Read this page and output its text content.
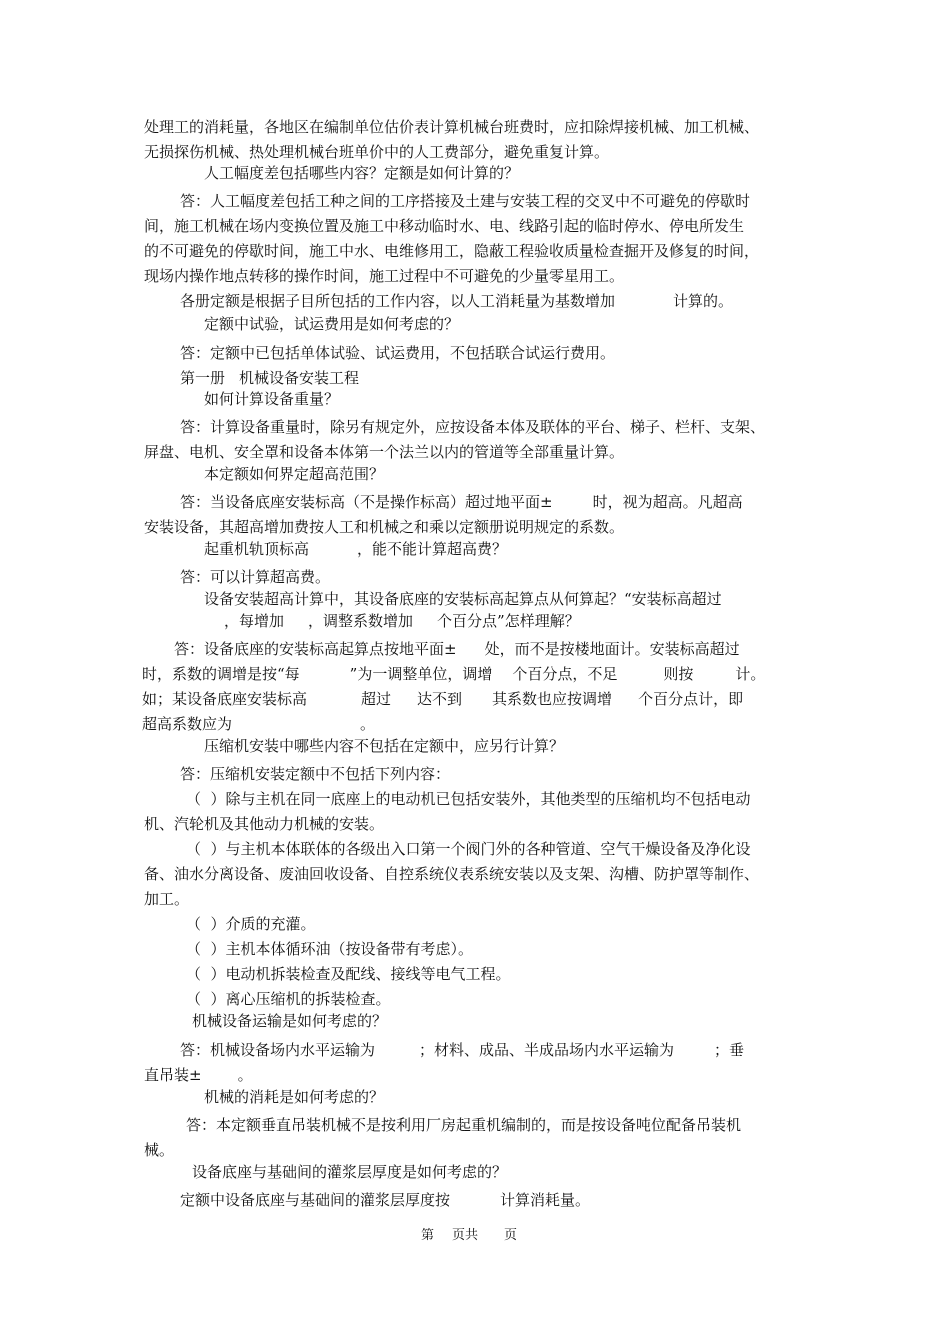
处理工的消耗量，各地区在编制单位估价表计算机械台班费时，应扣除焊接机械、加工机械、
无损探伤机械、热处理机械台班单价中的人工费部分，避免重复计算。
人工幅度差包括哪些内容？定额是如何计算的？
答：人工幅度差包括工种之间的工序搭接及土建与安装工程的交叉中不可避免的停歇时
间，施工机械在场内变换位置及施工中移动临时水、电、线路引起的临时停水、停电所发生
的不可避免的停歇时间，施工中水、电维修用工，隐蔽工程验收质量检查掘开及修复的时间，
现场内操作地点转移的操作时间，施工过程中不可避免的少量零星用工。
各册定额是根据子目所包括的工作内容，以人工消耗量为基数增加	计算的。
定额中试验，试运费用是如何考虑的？
答：定额中已包括单体试验、试运费用，不包括联合试运行费用。
第一册 机械设备安装工程
如何计算设备重量？
答：计算设备重量时，除另有规定外，应按设备本体及联体的平台、梯子、栏杆、支架、
屏盘、电机、安全罩和设备本体第一个法兰以内的管道等全部重量计算。
本定额如何界定超高范围？
答：当设备底座安装标高（不是操作标高）超过地平面±	时，视为超高。凡超高
安装设备，其超高增加费按人工和机械之和乘以定额册说明规定的系数。
起重机轨顶标高	，能不能计算超高费？
答：可以计算超高费。
设备安装超高计算中，其设备底座的安装标高起算点从何算起？“安装标高超过
，每增加 ，调整系数增加 个百分点”怎样理解？
答：设备底座的安装标高起算点按地平面± 处，而不是按楼地面计。安装标高超过
时，系数的调增是按“每	”为一调整单位，调增 个百分点，不足	则按	计。
如；某设备底座安装标高	超过 达不到 其系数也应按调增 个百分点计，即
超高系数应为	。
压缩机安装中哪些内容不包括在定额中，应另行计算？
答：压缩机安装定额中不包括下列内容：
（  ）除与主机在同一底座上的电动机已包括安装外，其他类型的压缩机均不包括电动
机、汽轮机及其他动力机械的安装。
（  ）与主机本体联体的各级出入口第一个阀门外的各种管道、空气干燥设备及净化设
备、油水分离设备、废油回收设备、自控系统仪表系统安装以及支架、沟槽、防护罩等制作、
加工。
（  ）介质的充灌。
（  ）主机本体循环油（按设备带有考虑）。
（  ）电动机拆装检查及配线、接线等电气工程。
（  ）离心压缩机的拆装检查。
机械设备运输是如何考虑的？
答：机械设备场内水平运输为	；材料、成品、半成品场内水平运输为	；垂
直吊装± 。
机械的消耗是如何考虑的？
答：本定额垂直吊装机械不是按利用厂房起重机编制的，而是按设备吨位配备吊装机
械。
设备底座与基础间的灌浆层厚度是如何考虑的？
定额中设备底座与基础间的灌浆层厚度按	计算消耗量。
第 页共 页
